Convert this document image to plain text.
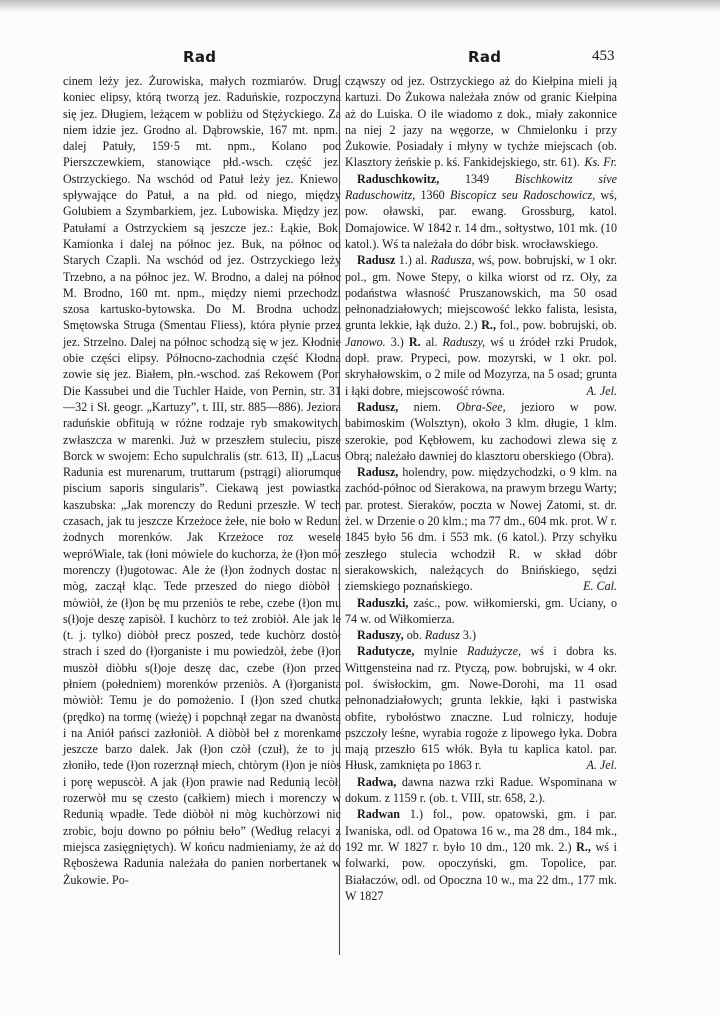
Rad	Rad	453

cinem leży jez. Żurowiska, małych rozmiarów. Drugi koniec elipsy, którą tworzą jez. Raduńskie, rozpoczyna się jez. Długiem, leżącem w pobliżu od Stężyckiego. Za niem idzie jez. Grodno al. Dąbrowskie, 167 mt. npm., dalej Patuły, 159·5 mt. npm., Kolano pod Pierszczewkiem, stanowiące płd.-wsch. część jez. Ostrzyckiego. Na wschód od Patuł leży jez. Kniewo, spływające do Patuł, a na płd. od niego, między Golubiem a Szymbarkiem, jez. Lubowiska. Między jez. Patułami a Ostrzyckiem są jeszcze jez.: Łąkie, Bok, Kamionka i dalej na północ jez. Buk, na północ od Starych Czapli. Na wschód od jez. Ostrzyckiego leży Trzebno, a na północ jez. W. Brodno, a dalej na północ M. Brodno, 160 mt. npm., między niemi przechodzi szosa kartusko-bytowska. Do M. Brodna uchodzi Smętowska Struga (Smentau Fliess), która płynie przez jez. Strzelno. Dalej na północ schodzą się w jez. Kłodnie obie części elipsy. Północno-zachodnia część Kłodna zowie się jez. Białem, płn.-wschod. zaś Rekowem (Por. Die Kassubei und die Tuchler Haide, von Pernin, str. 31—32 i Sł. geogr. „Kartuzy”, t. III, str. 885—886). Jeziora raduńskie obfitują w różne rodzaje ryb smakowitych, zwłaszcza w marenki. Już w przeszłem stuleciu, pisze Borck w swojem: Echo supulchralis (str. 613, II) „Lacus Radunia est murenarum, truttarum (pstrągi) aliorumque piscium saporis singularis”. Ciekawą jest powiastka kaszubska: „Jak morenczy do Reduni przeszłe. W tech czasach, jak tu jeszcze Krzeżoce żełe, nie boło w Reduni żodnych morenków. Jak Krzeżoce roz wesele wepróWiale, tak (łoni mówiele do kuchorza, że (ł)on mół morenczy (ł)ugotowac. Ale że (ł)on żodnych dostac ni mòg, zaczął kląc. Tede przeszed do niego diòbòł i mòwiòł, że (ł)on bę mu przeniòs te rebe, czebe (ł)on mu s(ł)oje deszę zapisòł. I kuchòrz to też zrobiòł. Ale jak le (t. j. tylko) diòbòł precz poszed, tede kuchòrz dostòł strach i szed do (ł)organiste i mu powiedzòł, żebe (ł)on muszòł diòbłu s(ł)oje deszę dac, czebe (ł)on przed płniem (połedniem) morenków przeniòs. A (ł)organista mòwiòł: Temu je do pomożenio. I (ł)on szed chutka (prędko) na tormę (wieżę) i popchnął zegar na dwanòstą i na Aniół pańsci zazłoniòł. A diòbòł beł z morenkame jeszcze barzo dalek. Jak (ł)on czòł (czuł), że to ju złoniło, tede (ł)on rozerznął miech, chtòrym (ł)on je niòs i porę wepuscòł. A jak (ł)on prawie nad Redunią lecòł, rozerwòł mu sę czesto (całkiem) miech i morenczy w Redunią wpadłe. Tede diòbòł ni mòg kuchòrzowi nic zrobic, boju downo po półniu beło” (Według relacyi z miejsca zasięgniętych). W końcu nadmieniamy, że aż do Rębosżewa Radunia należała do panien norbertanek w Żukowie. Po-

cząwszy od jez. Ostrzyckiego aż do Kiełpina mieli ją kartuzi. Do Żukowa należała znów od granic Kiełpina aż do Luiska. O ile wiadomo z dok., miały zakonnice na niej 2 jazy na węgorze, w Chmielonku i przy Żukowie. Posiadały i młyny w tychże miejscach (ob. Klasztory żeńskie p. kś. Fankidejskiego, str. 61). Ks. Fr.

Raduschkowitz, 1349 Bischkowitz sive Raduschowitz, 1360 Biscopicz seu Radoschowicz, wś, pow. oławski, par. ewang. Grossburg, katol. Domajowice. W 1842 r. 14 dm., sołtystwo, 101 mk. (10 katol.). Wś ta należała do dóbr bisk. wrocławskiego.

Radusz 1.) al. Radusza, wś, pow. bobrujski, w 1 okr. pol., gm. Nowe Stepy, o kilka wiorst od rz. Oły, za podaństwa własność Pruszanowskich, ma 50 osad pełnonadziałowych; miejscowość lekko falista, lesista, grunta lekkie, łąk dużo. 2.) R., fol., pow. bobrujski, ob. Janowo. 3.) R. al. Raduszy, wś u źródeł rzki Prudok, dopł. praw. Prypeci, pow. mozyrski, w 1 okr. pol. skryhałowskim, o 2 mile od Mozyrza, na 5 osad; grunta i łąki dobre, miejscowość równa.	A. Jel.

Radusz, niem. Obra-See, jezioro w pow. babimoskim (Wolsztyn), około 3 klm. długie, 1 klm. szerokie, pod Kębłowem, ku zachodowi zlewa się z Obrą; należało dawniej do klasztoru oberskiego (Obra).

Radusz, holendry, pow. międzychodzki, o 9 klm. na zachód-północ od Sierakowa, na prawym brzegu Warty; par. protest. Sieraków, poczta w Nowej Zatomi, st. dr. żel. w Drzenie o 20 klm.; ma 77 dm., 604 mk. prot. W r. 1845 było 56 dm. i 553 mk. (6 katol.). Przy schyłku zeszłego stulecia wchodził R. w skład dóbr sierakowskich, należących do Bnińskiego, sędzi ziemskiego poznańskiego.	E. Cal.

Raduszki, zaśc., pow. wiłkomierski, gm. Uciany, o 74 w. od Wiłkomierza.

Raduszy, ob. Radusz 3.)

Radutycze, mylnie Radużycze, wś i dobra ks. Wittgensteina nad rz. Ptyczą, pow. bobrujski, w 4 okr. pol. świsłockim, gm. Nowe-Dorohi, ma 11 osad pełnonadziałowych; grunta lekkie, łąki i pastwiska obfite, rybołóstwo znaczne. Lud rolniczy, hoduje pszczoły leśne, wyrabia rogoże z lipowego łyka. Dobra mają przeszło 615 włók. Była tu kaplica katol. par. Hłusk, zamknięta po 1863 r.	A. Jel.

Radwa, dawna nazwa rzki Radue. Wspominana w dokum. z 1159 r. (ob. t. VIII, str. 658, 2.).

Radwan 1.) fol., pow. opatowski, gm. i par. Iwaniska, odl. od Opatowa 16 w., ma 28 dm., 184 mk., 192 mr. W 1827 r. było 10 dm., 120 mk. 2.) R., wś i folwarki, pow. opoczyński, gm. Topolice, par. Białaczów, odl. od Opoczna 10 w., ma 22 dm., 177 mk. W 1827
